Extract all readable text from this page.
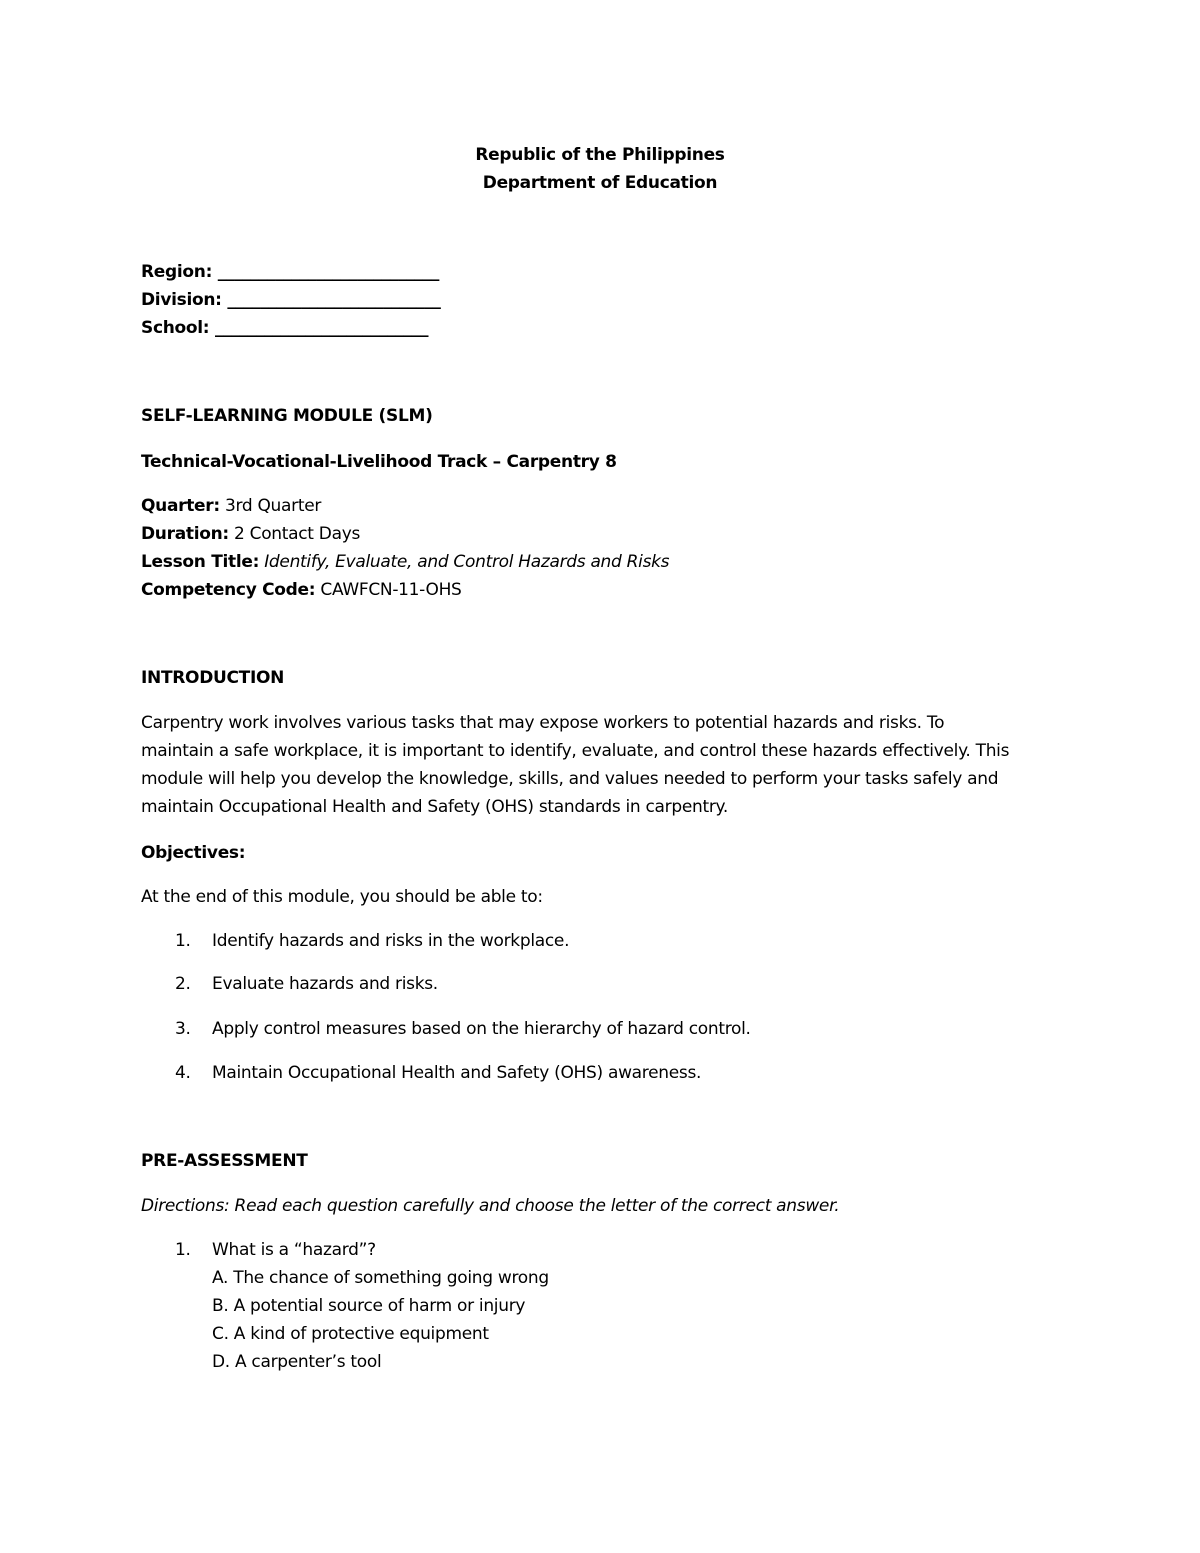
Republic of the Philippines
Department of Education
Region: ___________________________
Division: __________________________
School: __________________________
SELF-LEARNING MODULE (SLM)
Technical-Vocational-Livelihood Track – Carpentry 8
Quarter: 3rd Quarter
Duration: 2 Contact Days
Lesson Title: Identify, Evaluate, and Control Hazards and Risks
Competency Code: CAWFCN-11-OHS
INTRODUCTION
Carpentry work involves various tasks that may expose workers to potential hazards and risks. To
maintain a safe workplace, it is important to identify, evaluate, and control these hazards effectively. This
module will help you develop the knowledge, skills, and values needed to perform your tasks safely and
maintain Occupational Health and Safety (OHS) standards in carpentry.
Objectives:
At the end of this module, you should be able to:
1. Identify hazards and risks in the workplace.
2. Evaluate hazards and risks.
3. Apply control measures based on the hierarchy of hazard control.
4. Maintain Occupational Health and Safety (OHS) awareness.
PRE-ASSESSMENT
Directions: Read each question carefully and choose the letter of the correct answer.
1. What is a “hazard”?
A. The chance of something going wrong
B. A potential source of harm or injury
C. A kind of protective equipment
D. A carpenter’s tool
